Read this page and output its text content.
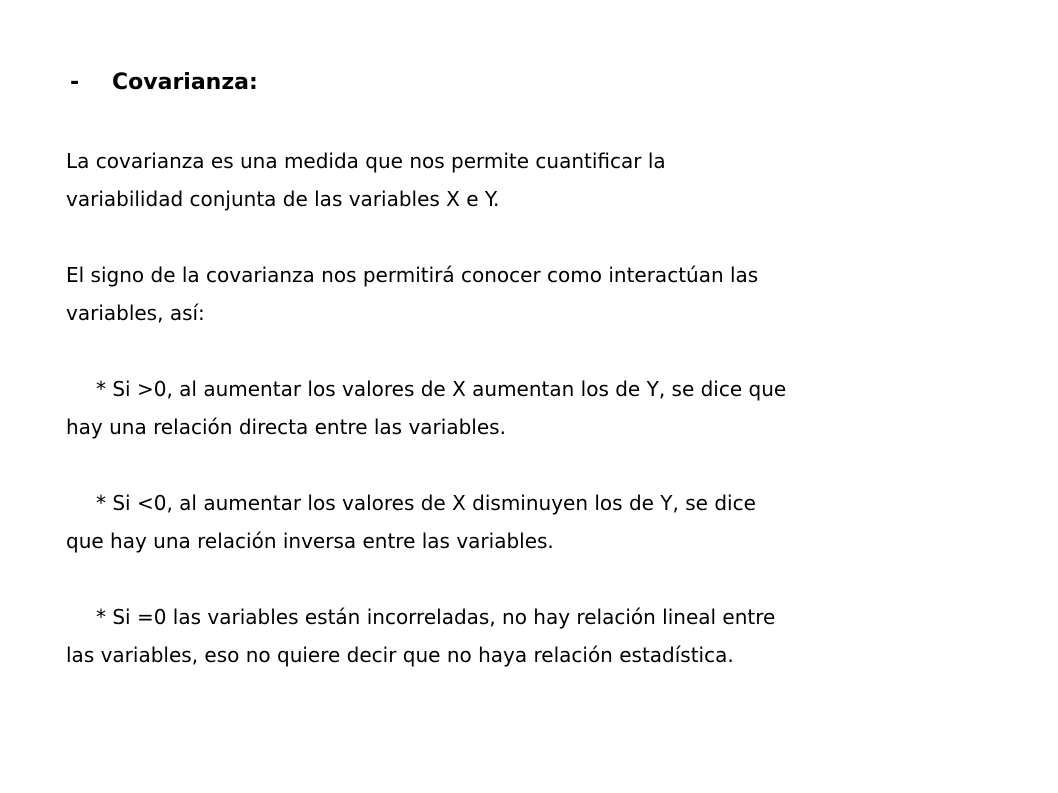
-	Covarianza:
La covarianza es una medida que nos permite cuantificar la
variabilidad conjunta de las variables X e Y.
El signo de la covarianza nos permitirá conocer como interactúan las
variables, así:
* Si >0, al aumentar los valores de X aumentan los de Y, se dice que
hay una relación directa entre las variables.
* Si <0, al aumentar los valores de X disminuyen los de Y, se dice
que hay una relación inversa entre las variables.
* Si =0 las variables están incorreladas, no hay relación lineal entre
las variables, eso no quiere decir que no haya relación estadística.
